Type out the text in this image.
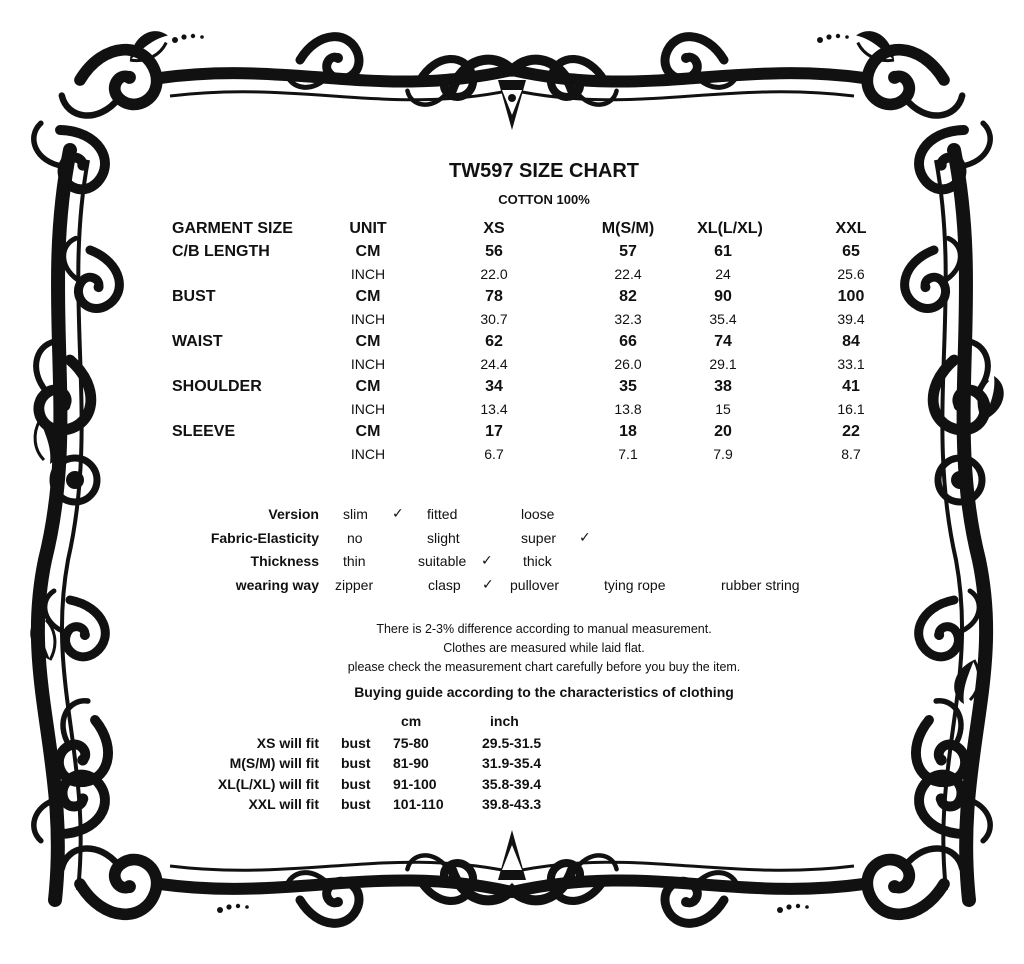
TW597 SIZE CHART
COTTON 100%
GARMENT SIZE	UNIT	XS	M(S/M)	XL(L/XL)	XXL
C/B LENGTH	CM	56	57	61	65
INCH	22.0	22.4	24	25.6
BUST	CM	78	82	90	100
INCH	30.7	32.3	35.4	39.4
WAIST	CM	62	66	74	84
INCH	24.4	26.0	29.1	33.1
SHOULDER	CM	34	35	38	41
INCH	13.4	13.8	15	16.1
SLEEVE	CM	17	18	20	22
INCH	6.7	7.1	7.9	8.7
Version slim ✓ fitted	loose
Fabric-Elasticity no	slight	super ✓
Thickness thin	suitable ✓ thick
wearing way zipper	clasp ✓ pullover	tying rope	rubber string
There is 2-3% difference according to manual measurement.
Clothes are measured while laid flat.
please check the measurement chart carefully before you buy the item.
Buying guide according to the characteristics of clothing
cm	inch
XS will fit bust 75-80	29.5-31.5
M(S/M) will fit bust 81-90	31.9-35.4
XL(L/XL) will fit bust 91-100	35.8-39.4
XXL will fit bust 101-110	39.8-43.3
